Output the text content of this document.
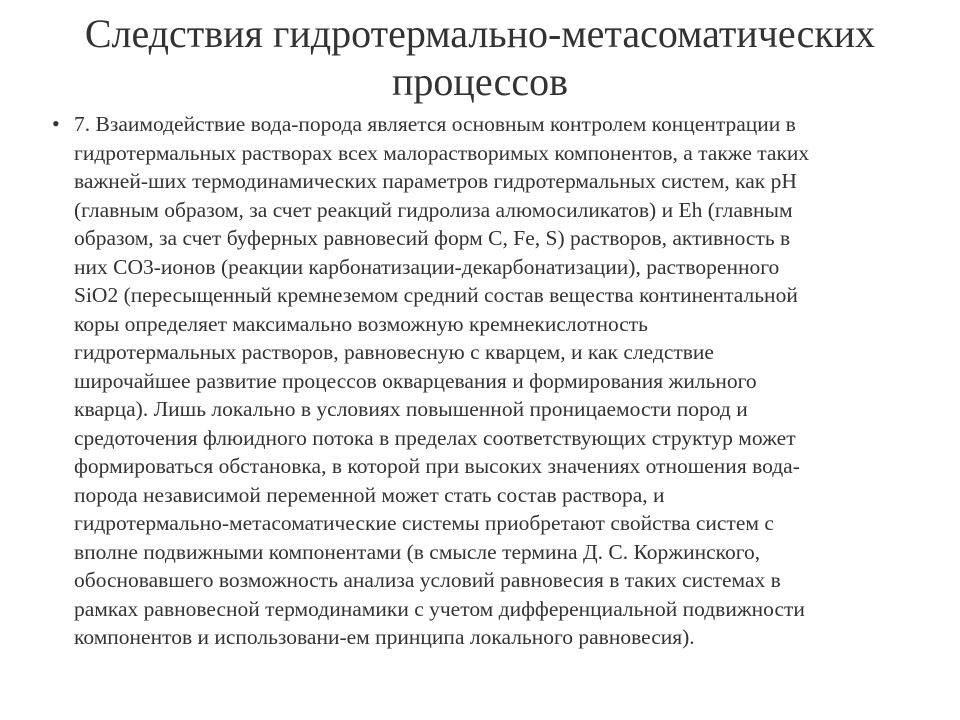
Следствия гидротермально-метасоматических
процессов
• 7. Взаимодействие вода-порода является основным контролем концентрации в
гидротермальных растворах всех малорастворимых компонентов, а также таких
важней-ших термодинамических параметров гидротермальных систем, как pH
(главным образом, за счет реакций гидролиза алюмосиликатов) и Eh (главным
образом, за счет буферных равновесий форм C, Fe, S) растворов, активность в
них CO3-ионов (реакции карбонатизации-декарбонатизации), растворенного
SiO2 (пересыщенный кремнеземом средний состав вещества континентальной
коры определяет максимально возможную кремнекислотность
гидротермальных растворов, равновесную с кварцем, и как следствие
широчайшее развитие процессов окварцевания и формирования жильного
кварца). Лишь локально в условиях повышенной проницаемости пород и
средоточения флюидного потока в пределах соответствующих структур может
формироваться обстановка, в которой при высоких значениях отношения вода-
порода независимой переменной может стать состав раствора, и
гидротермально-метасоматические системы приобретают свойства систем с
вполне подвижными компонентами (в смысле термина Д. С. Коржинского,
обосновавшего возможность анализа условий равновесия в таких системах в
рамках равновесной термодинамики с учетом дифференциальной подвижности
компонентов и использовани-ем принципа локального равновесия).
